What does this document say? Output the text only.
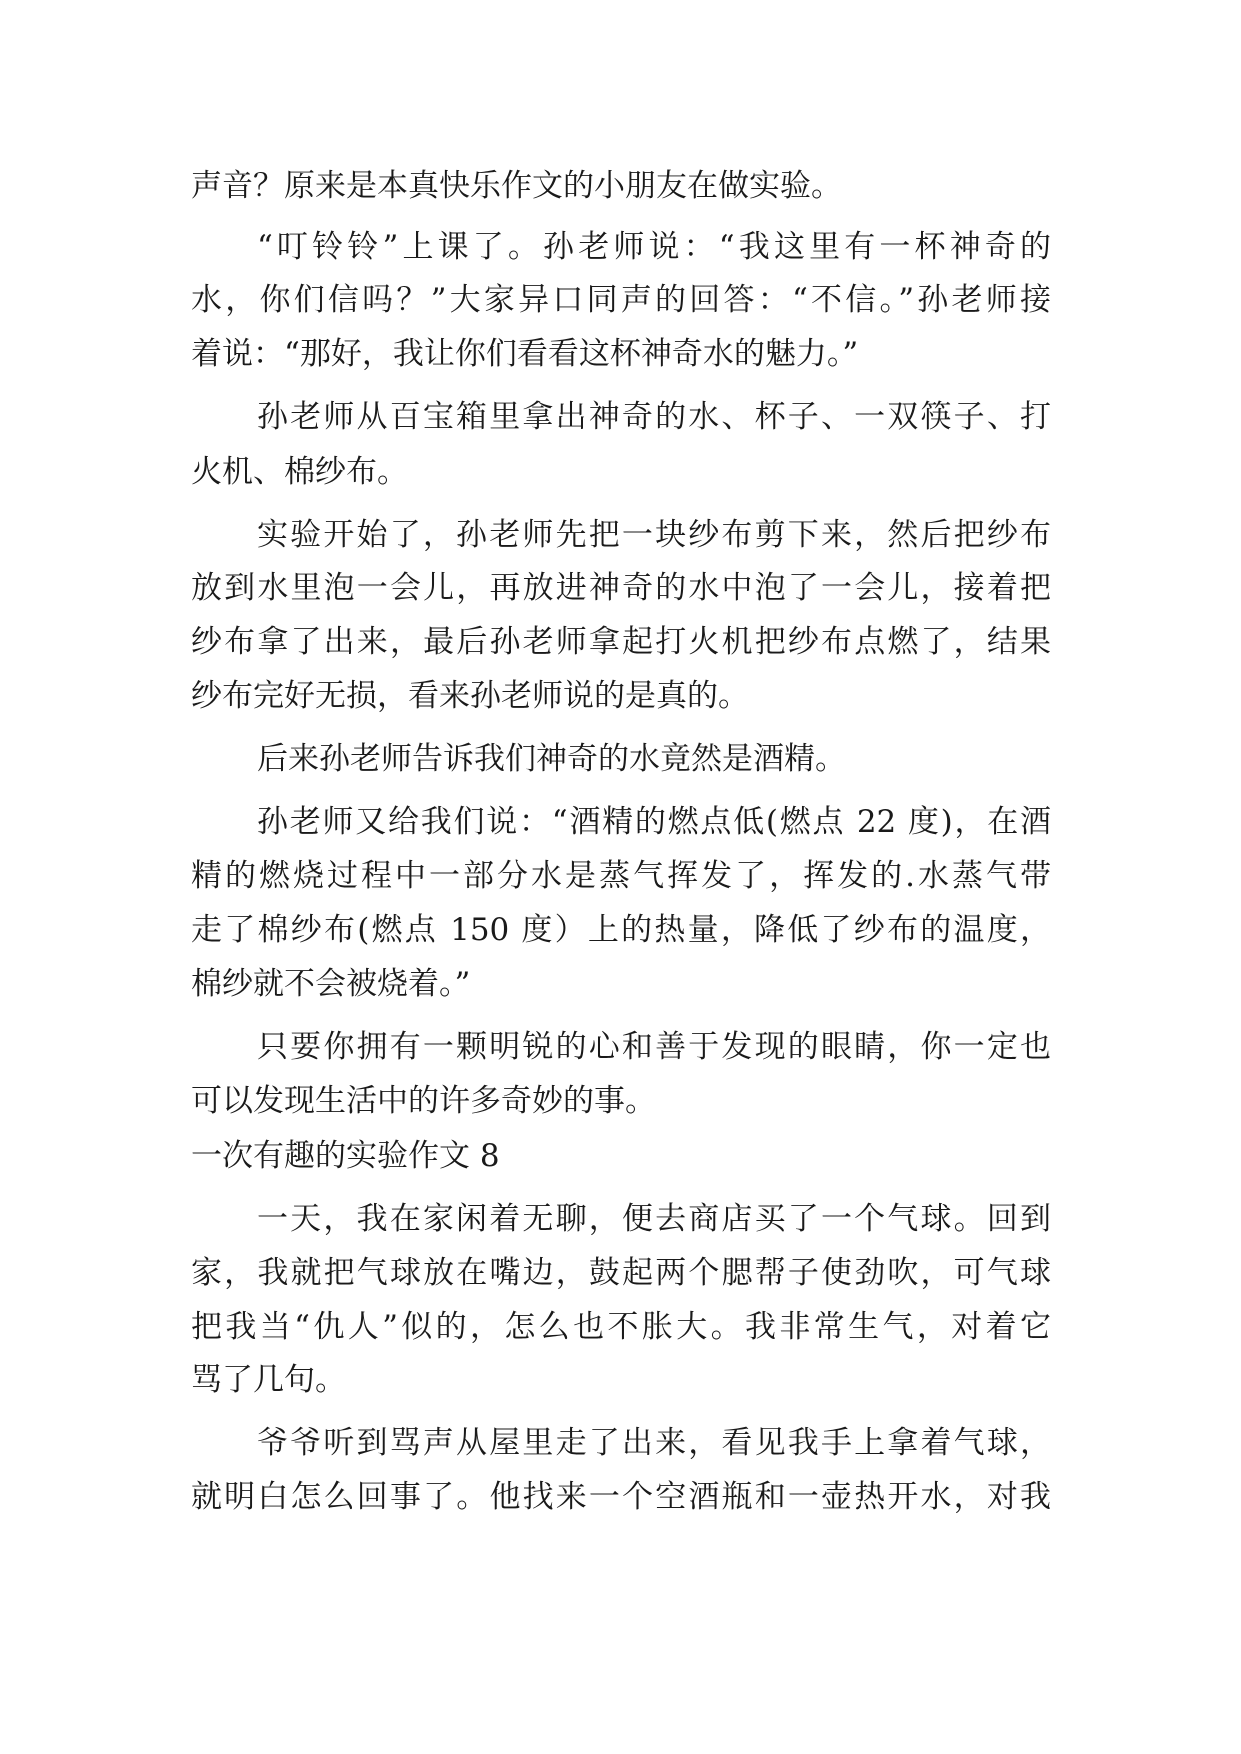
声音？原来是本真快乐作文的小朋友在做实验。
“叮铃铃”上课了。孙老师说：“我这里有一杯神奇的
水，你们信吗？”大家异口同声的回答：“不信。”孙老师接
着说：“那好，我让你们看看这杯神奇水的魅力。”
孙老师从百宝箱里拿出神奇的水、杯子、一双筷子、打
火机、棉纱布。
实验开始了，孙老师先把一块纱布剪下来，然后把纱布
放到水里泡一会儿，再放进神奇的水中泡了一会儿，接着把
纱布拿了出来，最后孙老师拿起打火机把纱布点燃了，结果
纱布完好无损，看来孙老师说的是真的。
后来孙老师告诉我们神奇的水竟然是酒精。
孙老师又给我们说：“酒精的燃点低(燃点 22 度)，在酒
精的燃烧过程中一部分水是蒸气挥发了，挥发的.水蒸气带
走了棉纱布(燃点 150 度）上的热量，降低了纱布的温度，
棉纱就不会被烧着。”
只要你拥有一颗明锐的心和善于发现的眼睛，你一定也
可以发现生活中的许多奇妙的事。
一次有趣的实验作文 8
一天，我在家闲着无聊，便去商店买了一个气球。回到
家，我就把气球放在嘴边，鼓起两个腮帮子使劲吹，可气球
把我当“仇人”似的，怎么也不胀大。我非常生气，对着它
骂了几句。
爷爷听到骂声从屋里走了出来，看见我手上拿着气球，
就明白怎么回事了。他找来一个空酒瓶和一壶热开水，对我
